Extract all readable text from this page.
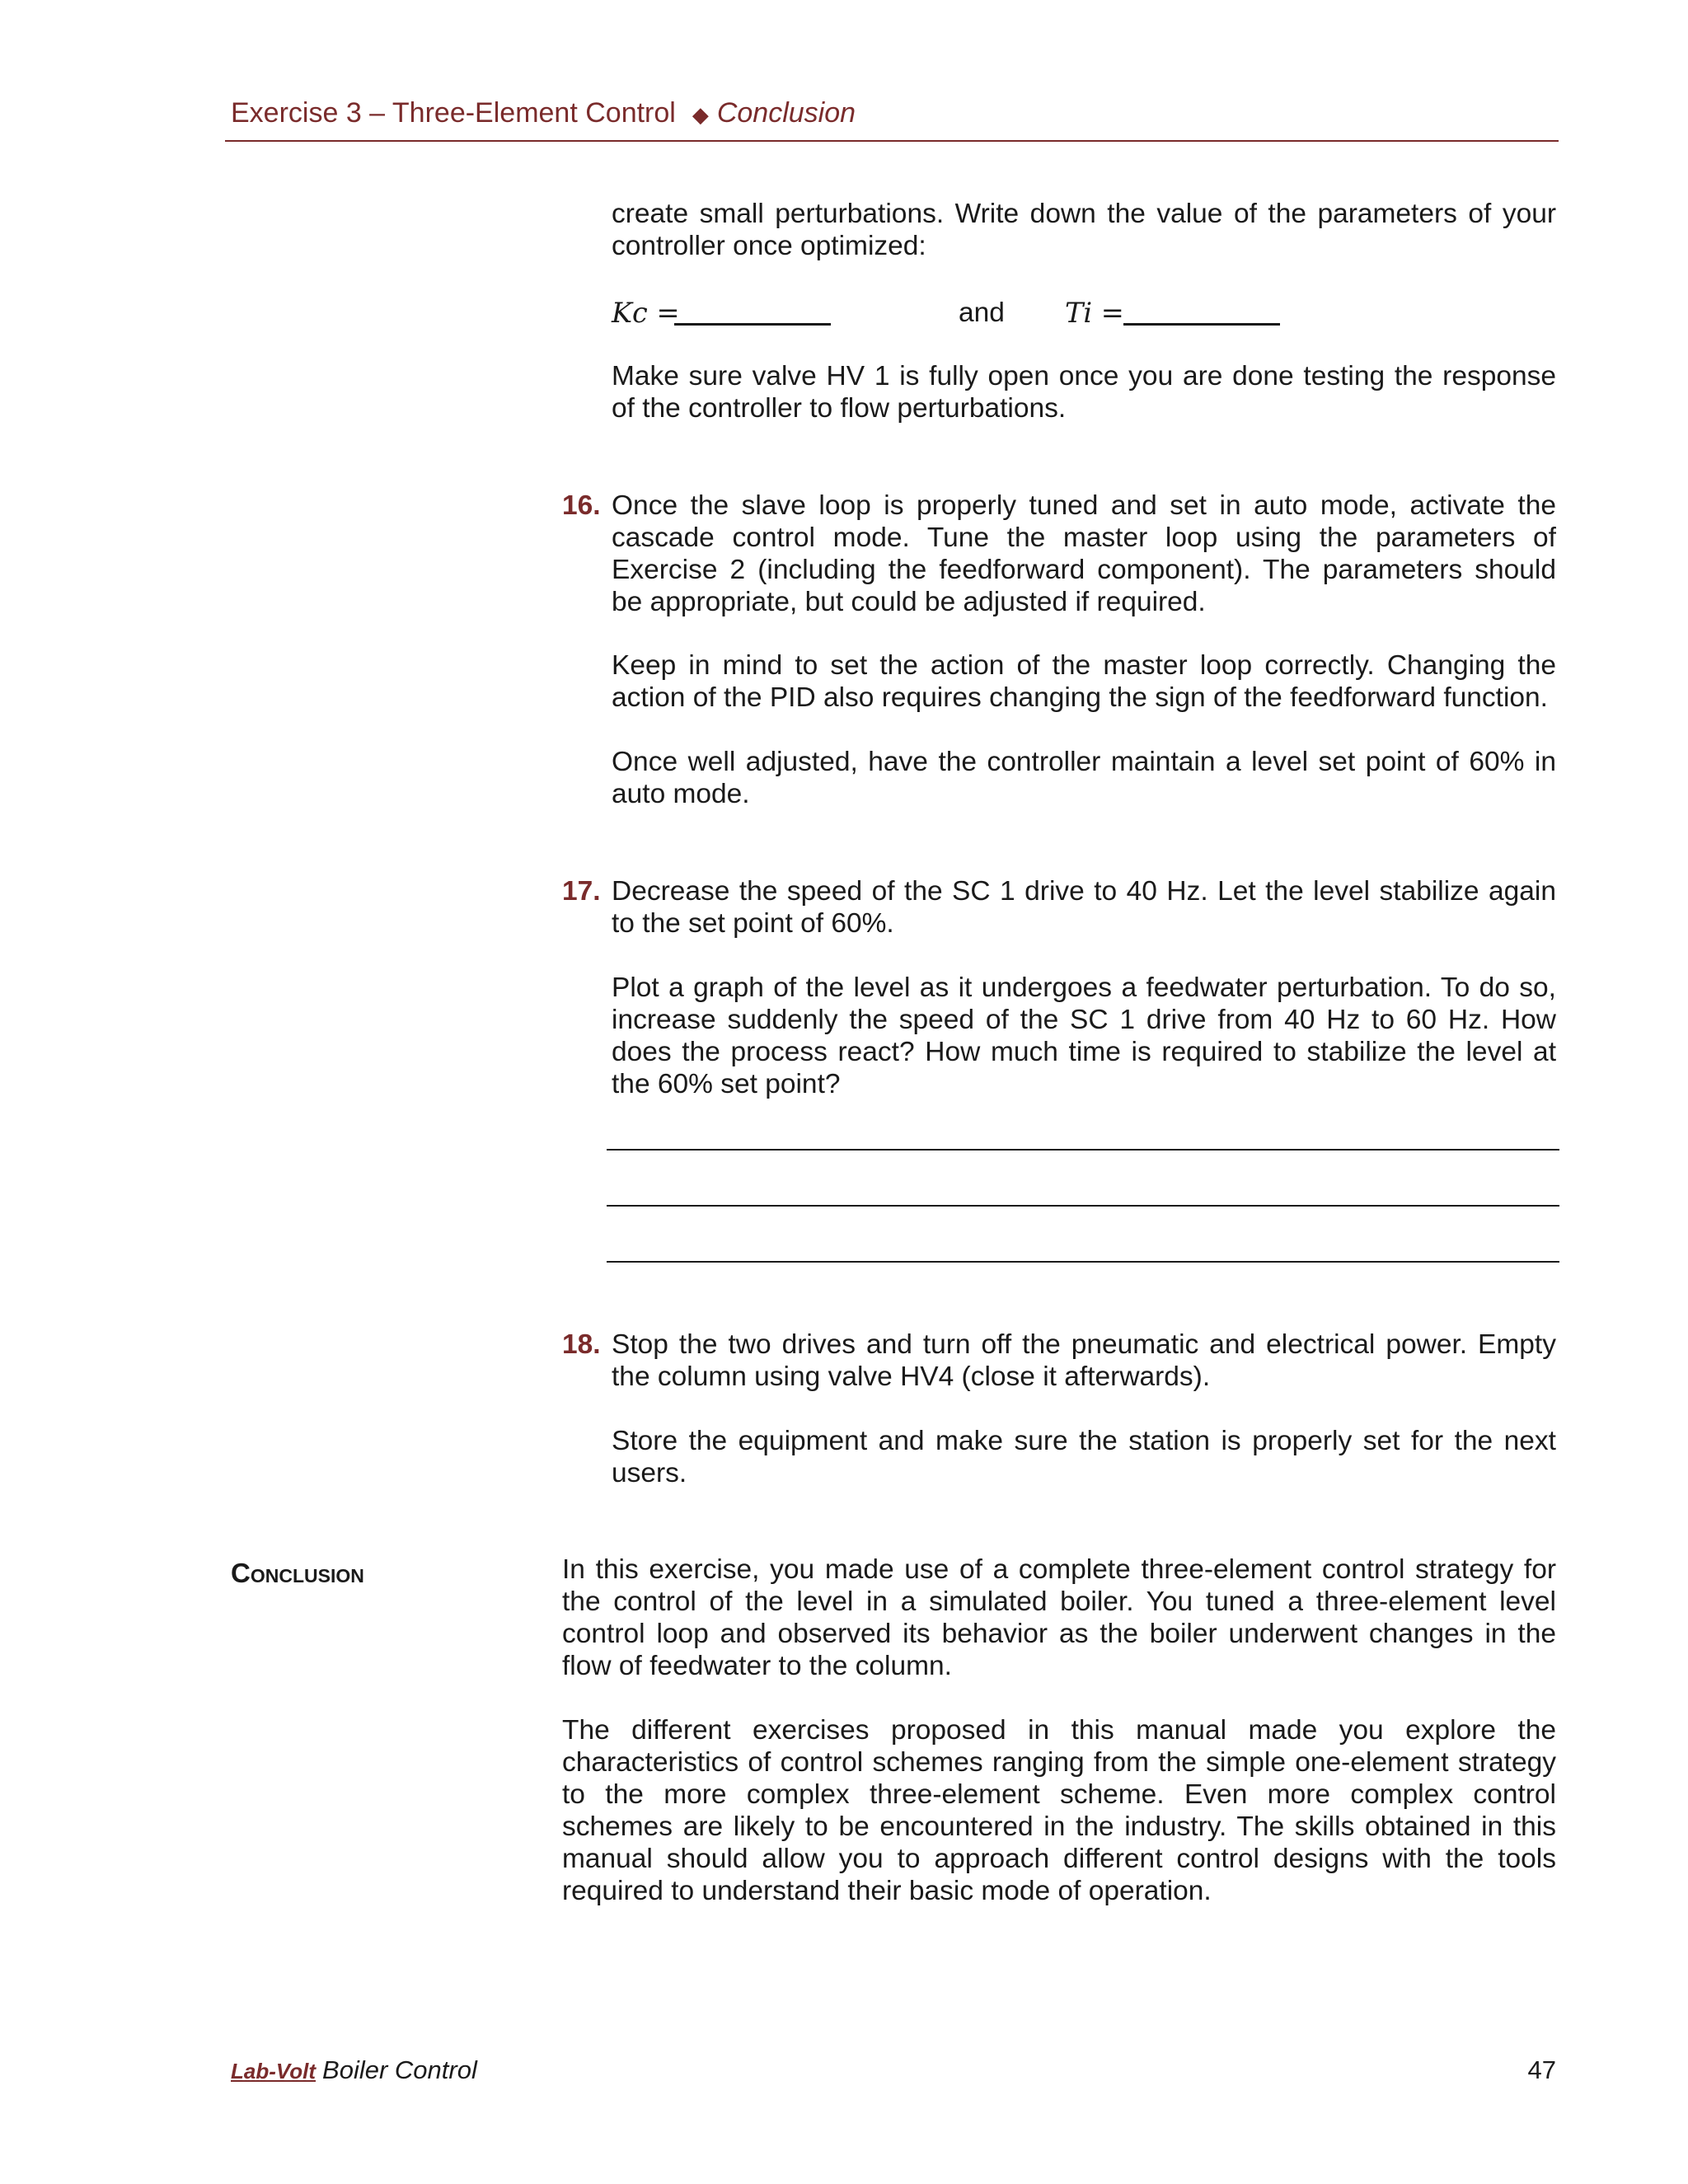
Exercise 3 – Three-Element Control ◆ Conclusion
create small perturbations. Write down the value of the parameters of your controller once optimized:
Kc =	and Ti =
Make sure valve HV 1 is fully open once you are done testing the response of the controller to flow perturbations.
16. Once the slave loop is properly tuned and set in auto mode, activate the cascade control mode. Tune the master loop using the parameters of Exercise 2 (including the feedforward component). The parameters should be appropriate, but could be adjusted if required.
Keep in mind to set the action of the master loop correctly. Changing the action of the PID also requires changing the sign of the feedforward function.
Once well adjusted, have the controller maintain a level set point of 60% in auto mode.
17. Decrease the speed of the SC 1 drive to 40 Hz. Let the level stabilize again to the set point of 60%.
Plot a graph of the level as it undergoes a feedwater perturbation. To do so, increase suddenly the speed of the SC 1 drive from 40 Hz to 60 Hz. How does the process react? How much time is required to stabilize the level at the 60% set point?
18. Stop the two drives and turn off the pneumatic and electrical power. Empty the column using valve HV4 (close it afterwards).
Store the equipment and make sure the station is properly set for the next users.
Conclusion	In this exercise, you made use of a complete three-element control strategy for the control of the level in a simulated boiler. You tuned a three-element level control loop and observed its behavior as the boiler underwent changes in the flow of feedwater to the column.
The different exercises proposed in this manual made you explore the characteristics of control schemes ranging from the simple one-element strategy to the more complex three-element scheme. Even more complex control schemes are likely to be encountered in the industry. The skills obtained in this manual should allow you to approach different control designs with the tools required to understand their basic mode of operation.
Lab-Volt Boiler Control	47
